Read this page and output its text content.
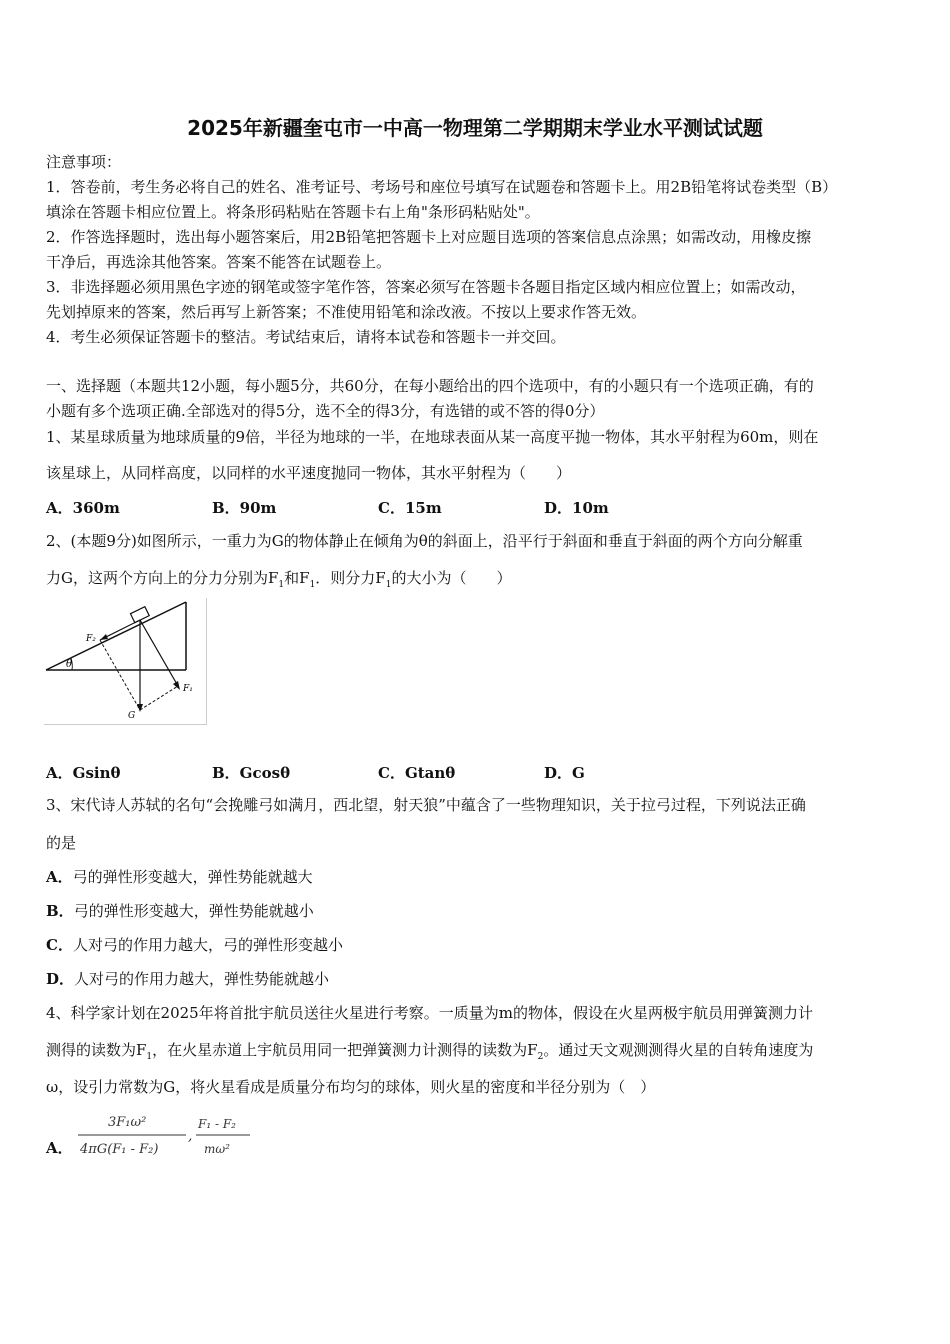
2025年新疆奎屯市一中高一物理第二学期期末学业水平测试试题
注意事项：
1．答卷前，考生务必将自己的姓名、准考证号、考场号和座位号填写在试题卷和答题卡上。用2B铅笔将试卷类型（B）
填涂在答题卡相应位置上。将条形码粘贴在答题卡右上角"条形码粘贴处"。
2．作答选择题时，选出每小题答案后，用2B铅笔把答题卡上对应题目选项的答案信息点涂黑；如需改动，用橡皮擦
干净后，再选涂其他答案。答案不能答在试题卷上。
3．非选择题必须用黑色字迹的钢笔或签字笔作答，答案必须写在答题卡各题目指定区域内相应位置上；如需改动，
先划掉原来的答案，然后再写上新答案；不准使用铅笔和涂改液。不按以上要求作答无效。
4．考生必须保证答题卡的整洁。考试结束后，请将本试卷和答题卡一并交回。
一、选择题（本题共12小题，每小题5分，共60分，在每小题给出的四个选项中，有的小题只有一个选项正确，有的
小题有多个选项正确.全部选对的得5分，选不全的得3分，有选错的或不答的得0分）
1、某星球质量为地球质量的9倍，半径为地球的一半，在地球表面从某一高度平抛一物体，其水平射程为60m，则在
该星球上，从同样高度，以同样的水平速度抛同一物体，其水平射程为（　　）
A．360m	B．90m	C．15m	D．10m
2、(本题9分)如图所示，一重力为G的物体静止在倾角为θ的斜面上，沿平行于斜面和垂直于斜面的两个方向分解重
力G，这两个方向上的分力分别为$F_1$和$F_1$．则分力$F_1$的大小为（　　）
F₂
θ
G
F₁
A．Gsinθ	B．Gcosθ	C．Gtanθ	D．G
3、宋代诗人苏轼的名句“会挽雕弓如满月，西北望，射天狼”中蕴含了一些物理知识，关于拉弓过程，下列说法正确
的是
A．弓的弹性形变越大，弹性势能就越大
B．弓的弹性形变越大，弹性势能就越小
C．人对弓的作用力越大，弓的弹性形变越小
D．人对弓的作用力越大，弹性势能就越小
4、科学家计划在2025年将首批宇航员送往火星进行考察。一质量为m的物体，假设在火星两极宇航员用弹簧测力计
测得的读数为$F_1$，在火星赤道上宇航员用同一把弹簧测力计测得的读数为$F_2$。通过天文观测测得火星的自转角速度为
ω，设引力常数为G，将火星看成是质量分布均匀的球体，则火星的密度和半径分别为（　）
A．
3F₁ω²
4πG(F₁ - F₂)
,
F₁ - F₂
mω²
